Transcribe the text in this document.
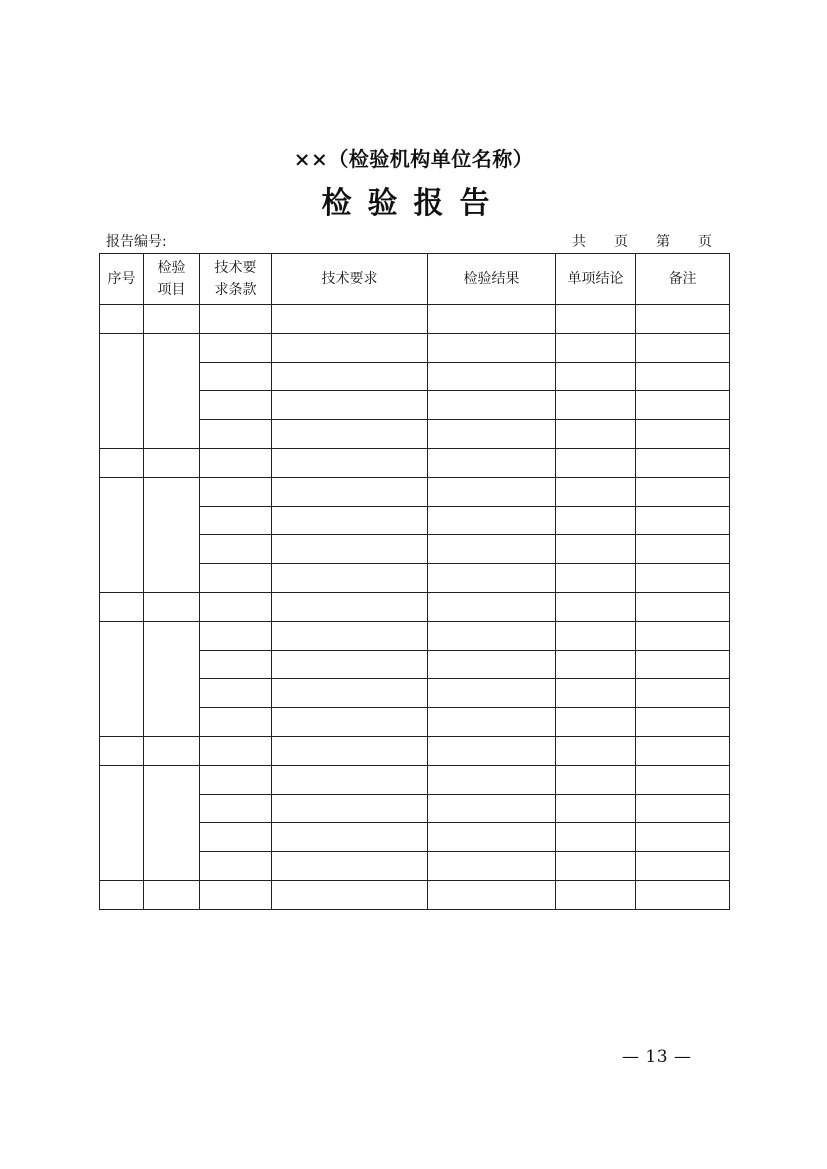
××（检验机构单位名称）
检验报告
报告编号:	共 页 第 页
序号	检验项目	技术要求条款	技术要求	检验结果	单项结论	备注

— 13 —
